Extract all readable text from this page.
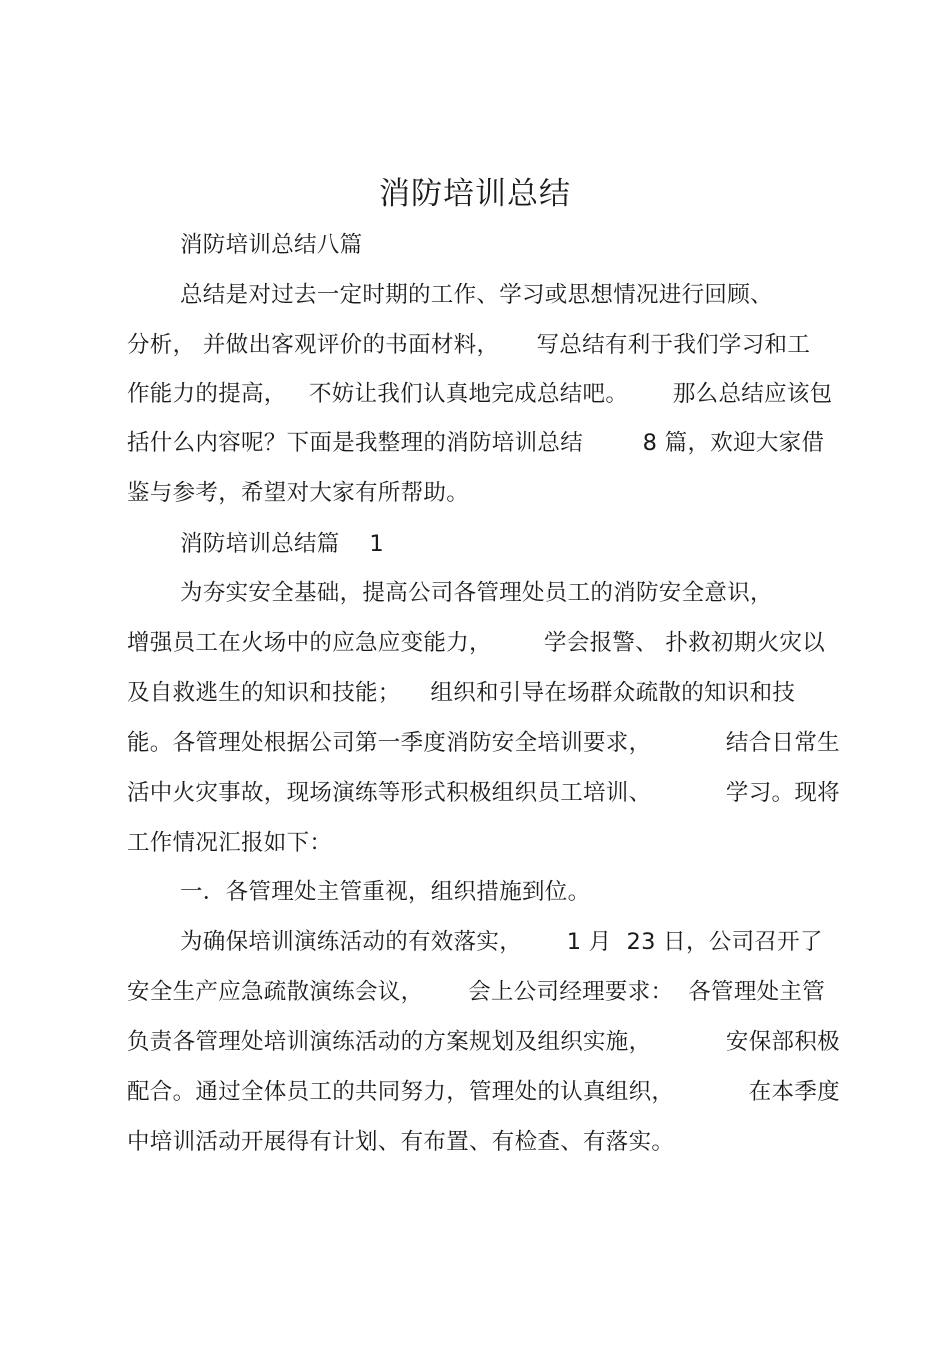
消防培训总结
消防培训总结八篇
总结是对过去一定时期的工作、学习或思想情况进行回顾、
分析， 并做出客观评价的书面材料，     写总结有利于我们学习和工
作能力的提高，   不妨让我们认真地完成总结吧。      那么总结应该包
括什么内容呢？下面是我整理的消防培训总结        8 篇，欢迎大家借
鉴与参考，希望对大家有所帮助。
消防培训总结篇    1
为夯实安全基础，提高公司各管理处员工的消防安全意识，
增强员工在火场中的应急应变能力，       学会报警、 扑救初期火灾以
及自救逃生的知识和技能；    组织和引导在场群众疏散的知识和技
能。各管理处根据公司第一季度消防安全培训要求，          结合日常生
活中火灾事故，现场演练等形式积极组织员工培训、          学习。现将
工作情况汇报如下：
一．各管理处主管重视，组织措施到位。
为确保培训演练活动的有效落实，      1 月  23 日，公司召开了
安全生产应急疏散演练会议，      会上公司经理要求：  各管理处主管
负责各管理处培训演练活动的方案规划及组织实施，          安保部积极
配合。通过全体员工的共同努力，管理处的认真组织，          在本季度
中培训活动开展得有计划、有布置、有检查、有落实。
